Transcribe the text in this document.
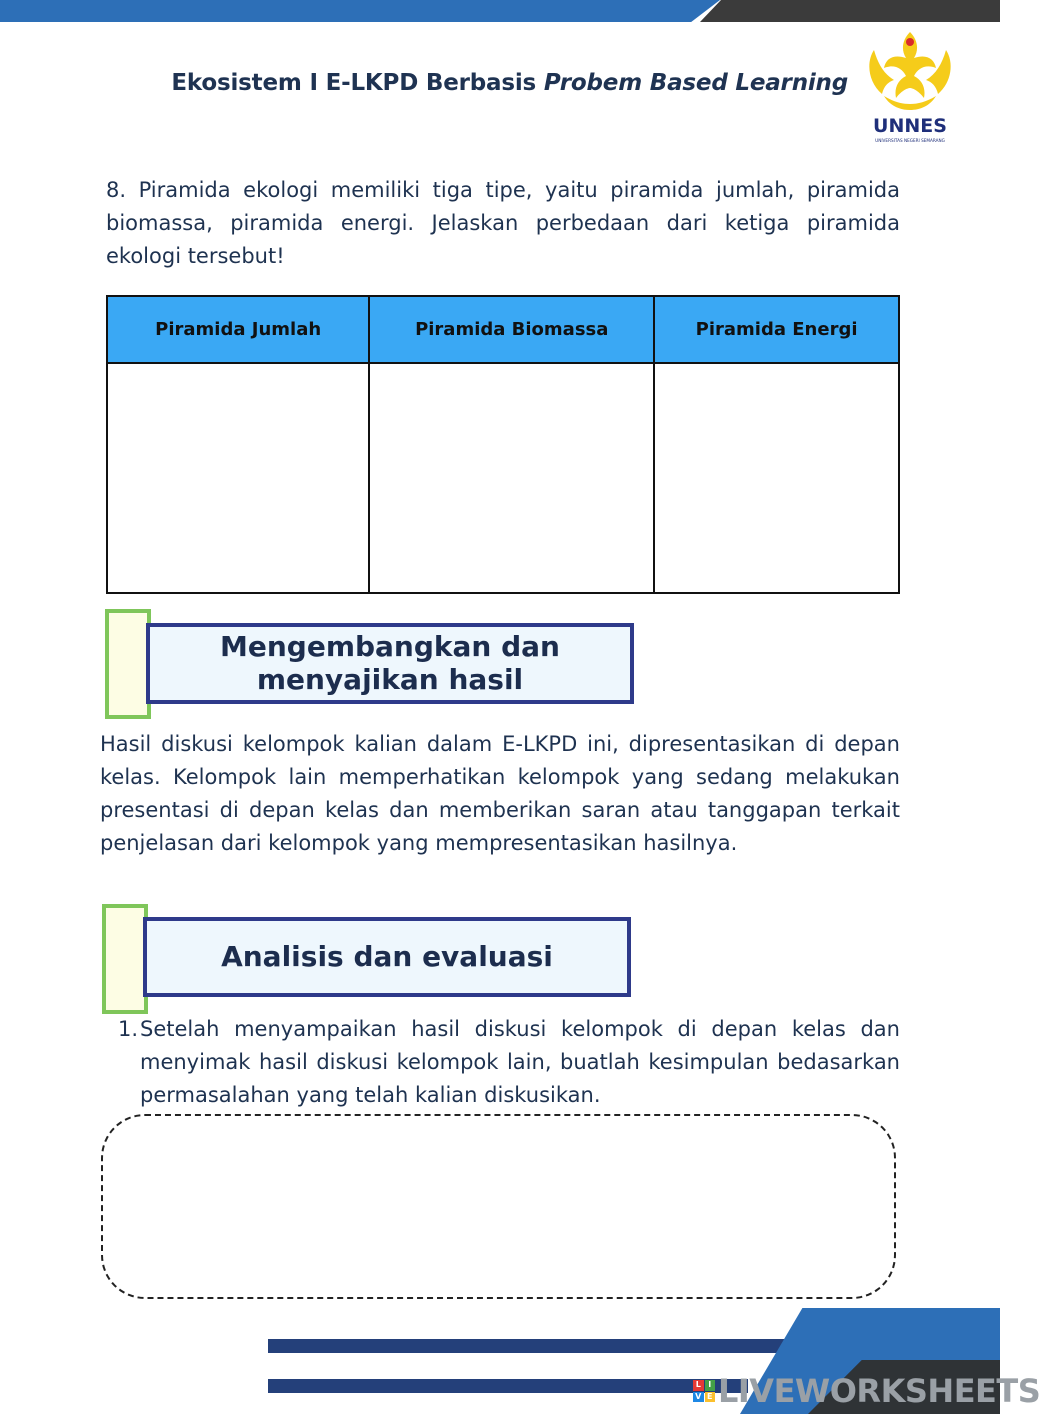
Ekosistem I E-LKPD Berbasis Probem Based Learning
UNNES
UNIVERSITAS NEGERI SEMARANG
8. Piramida ekologi memiliki tiga tipe, yaitu piramida jumlah, piramida biomassa, piramida energi. Jelaskan perbedaan dari ketiga piramida ekologi tersebut!
Piramida Jumlah	Piramida Biomassa	Piramida Energi

Mengembangkan dan
menyajikan hasil
Hasil diskusi kelompok kalian dalam E-LKPD ini, dipresentasikan di depan kelas. Kelompok lain memperhatikan kelompok yang sedang melakukan presentasi di depan kelas dan memberikan saran atau tanggapan terkait penjelasan dari kelompok yang mempresentasikan hasilnya.
Analisis dan evaluasi
1. Setelah menyampaikan hasil diskusi kelompok di depan kelas dan menyimak hasil diskusi kelompok lain, buatlah kesimpulan bedasarkan permasalahan yang telah kalian diskusikan.
L I
V E LIVEWORKSHEETS
